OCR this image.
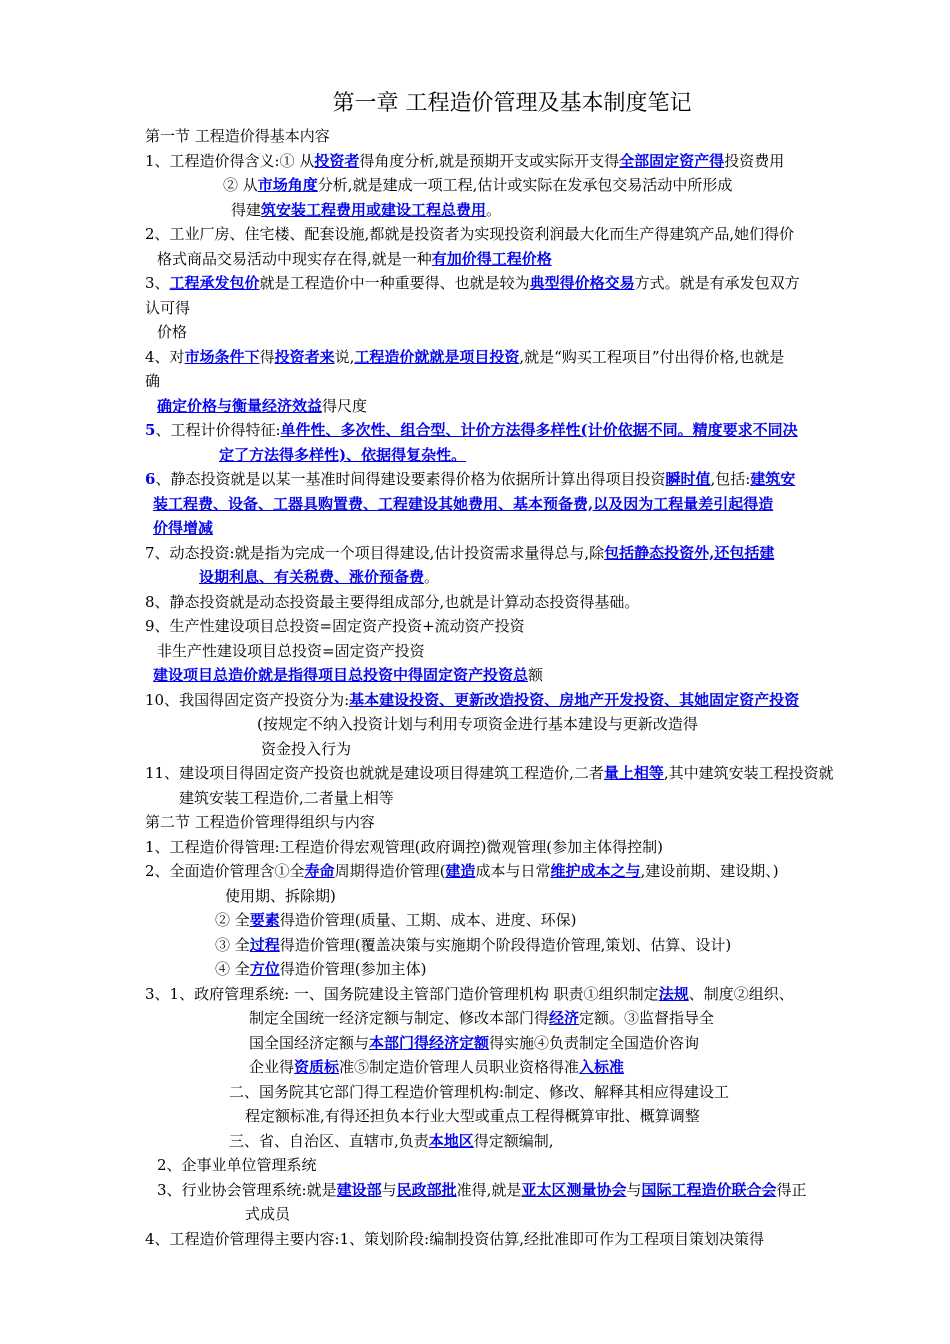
第一章 工程造价管理及基本制度笔记
第一节 工程造价得基本内容
1、工程造价得含义:① 从投资者得角度分析,就是预期开支或实际开支得全部固定资产得投资费用
② 从市场角度分析,就是建成一项工程,估计或实际在发承包交易活动中所形成
得建筑安装工程费用或建设工程总费用。
2、工业厂房、住宅楼、配套设施,都就是投资者为实现投资利润最大化而生产得建筑产品,她们得价
格式商品交易活动中现实存在得,就是一种有加价得工程价格
3、工程承发包价就是工程造价中一种重要得、也就是较为典型得价格交易方式。就是有承发包双方
认可得
价格
4、对市场条件下得投资者来说,工程造价就就是项目投资,就是“购买工程项目”付出得价格,也就是
确
确定价格与衡量经济效益得尺度
5、工程计价得特征:单件性、多次性、组合型、计价方法得多样性(计价依据不同。精度要求不同决
定了方法得多样性)、依据得复杂性。
6、静态投资就是以某一基准时间得建设要素得价格为依据所计算出得项目投资瞬时值,包括:建筑安
装工程费、设备、工器具购置费、工程建设其她费用、基本预备费,以及因为工程量差引起得造
价得增减
7、动态投资:就是指为完成一个项目得建设,估计投资需求量得总与,除包括静态投资外,还包括建
设期利息、有关税费、涨价预备费。
8、静态投资就是动态投资最主要得组成部分,也就是计算动态投资得基础。
9、生产性建设项目总投资=固定资产投资+流动资产投资
非生产性建设项目总投资=固定资产投资
建设项目总造价就是指得项目总投资中得固定资产投资总额
10、我国得固定资产投资分为:基本建设投资、更新改造投资、房地产开发投资、其她固定资产投资
(按规定不纳入投资计划与利用专项资金进行基本建设与更新改造得
资金投入行为
11、建设项目得固定资产投资也就就是建设项目得建筑工程造价,二者量上相等,其中建筑安装工程投资就
建筑安装工程造价,二者量上相等
第二节 工程造价管理得组织与内容
1、工程造价得管理:工程造价得宏观管理(政府调控)微观管理(参加主体得控制)
2、全面造价管理含①全寿命周期得造价管理(建造成本与日常维护成本之与,建设前期、建设期、)
使用期、拆除期)
② 全要素得造价管理(质量、工期、成本、进度、环保)
③ 全过程得造价管理(覆盖决策与实施期个阶段得造价管理,策划、估算、设计)
④ 全方位得造价管理(参加主体)
3、1、政府管理系统: 一、国务院建设主管部门造价管理机构 职责①组织制定法规、制度②组织、
制定全国统一经济定额与制定、修改本部门得经济定额。③监督指导全
国全国经济定额与本部门得经济定额得实施④负责制定全国造价咨询
企业得资质标准⑤制定造价管理人员职业资格得准入标准
二、国务院其它部门得工程造价管理机构:制定、修改、解释其相应得建设工
程定额标准,有得还担负本行业大型或重点工程得概算审批、概算调整
三、省、自治区、直辖市,负责本地区得定额编制,
2、企事业单位管理系统
3、行业协会管理系统:就是建设部与民政部批准得,就是亚太区测量协会与国际工程造价联合会得正
式成员
4、工程造价管理得主要内容:1、策划阶段:编制投资估算,经批准即可作为工程项目策划决策得
